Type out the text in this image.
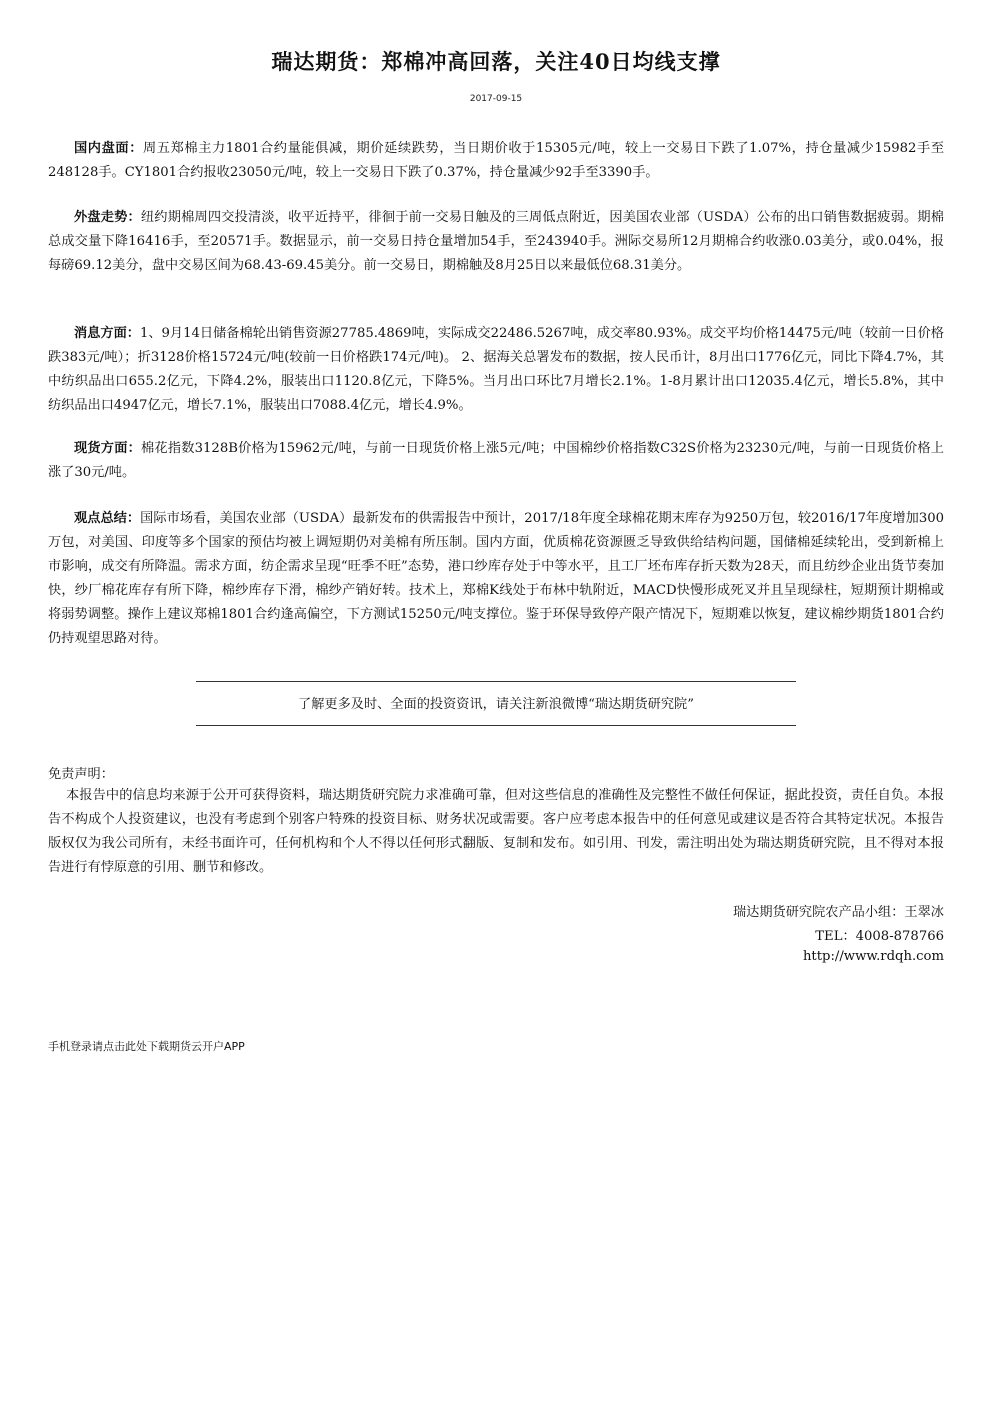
瑞达期货：郑棉冲高回落，关注40日均线支撑
2017-09-15

国内盘面：周五郑棉主力1801合约量能俱减，期价延续跌势，当日期价收于15305元/吨，较上一交易日下跌了1.07%，持仓量减少15982手至248128手。CY1801合约报收23050元/吨，较上一交易日下跌了0.37%，持仓量减少92手至3390手。

外盘走势：纽约期棉周四交投清淡，收平近持平，徘徊于前一交易日触及的三周低点附近，因美国农业部（USDA）公布的出口销售数据疲弱。期棉总成交量下降16416手，至20571手。数据显示，前一交易日持仓量增加54手，至243940手。洲际交易所12月期棉合约收涨0.03美分，或0.04%，报每磅69.12美分，盘中交易区间为68.43-69.45美分。前一交易日，期棉触及8月25日以来最低位68.31美分。

消息方面：1、9月14日储备棉轮出销售资源27785.4869吨，实际成交22486.5267吨，成交率80.93%。成交平均价格14475元/吨（较前一日价格跌383元/吨）；折3128价格15724元/吨(较前一日价格跌174元/吨)。 2、据海关总署发布的数据，按人民币计，8月出口1776亿元，同比下降4.7%，其中纺织品出口655.2亿元，下降4.2%，服装出口1120.8亿元，下降5%。当月出口环比7月增长2.1%。1-8月累计出口12035.4亿元，增长5.8%，其中纺织品出口4947亿元，增长7.1%，服装出口7088.4亿元，增长4.9%。

现货方面：棉花指数3128B价格为15962元/吨，与前一日现货价格上涨5元/吨；中国棉纱价格指数C32S价格为23230元/吨，与前一日现货价格上涨了30元/吨。

观点总结：国际市场看，美国农业部（USDA）最新发布的供需报告中预计，2017/18年度全球棉花期末库存为9250万包，较2016/17年度增加300万包，对美国、印度等多个国家的预估均被上调短期仍对美棉有所压制。国内方面，优质棉花资源匮乏导致供给结构问题，国储棉延续轮出，受到新棉上市影响，成交有所降温。需求方面，纺企需求呈现“旺季不旺”态势，港口纱库存处于中等水平，且工厂坯布库存折天数为28天，而且纺纱企业出货节奏加快，纱厂棉花库存有所下降，棉纱库存下滑，棉纱产销好转。技术上，郑棉K线处于布林中轨附近，MACD快慢形成死叉并且呈现绿柱，短期预计期棉或将弱势调整。操作上建议郑棉1801合约逢高偏空，下方测试15250元/吨支撑位。鉴于环保导致停产限产情况下，短期难以恢复，建议棉纱期货1801合约仍持观望思路对待。

了解更多及时、全面的投资资讯，请关注新浪微博“瑞达期货研究院”
免责声明：

本报告中的信息均来源于公开可获得资料，瑞达期货研究院力求准确可靠，但对这些信息的准确性及完整性不做任何保证，据此投资，责任自负。本报告不构成个人投资建议，也没有考虑到个别客户特殊的投资目标、财务状况或需要。客户应考虑本报告中的任何意见或建议是否符合其特定状况。本报告版权仅为我公司所有，未经书面许可，任何机构和个人不得以任何形式翻版、复制和发布。如引用、刊发，需注明出处为瑞达期货研究院，且不得对本报告进行有悖原意的引用、删节和修改。

瑞达期货研究院农产品小组：王翠冰
TEL：4008-878766
http://www.rdqh.com
手机登录请点击此处下载期货云开户APP
